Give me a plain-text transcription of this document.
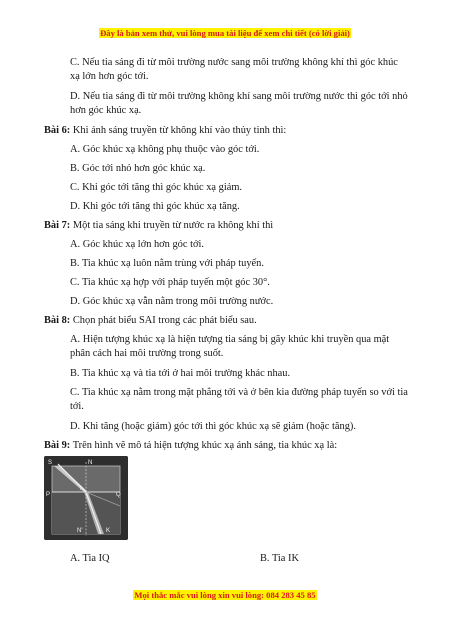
Đây là bản xem thử, vui lòng mua tài liệu để xem chi tiết (có lời giải)
C. Nếu tia sáng đi từ môi trường nước sang môi trường không khí thì góc khúc xạ lớn hơn góc tới.
D. Nếu tia sáng đi từ môi trường không khí sang môi trường nước thì góc tới nhỏ hơn góc khúc xạ.
Bài 6: Khi ánh sáng truyền từ không khí vào thủy tinh thì:
A. Góc khúc xạ không phụ thuộc vào góc tới.
B. Góc tới nhỏ hơn góc khúc xạ.
C. Khi góc tới tăng thì góc khúc xạ giảm.
D. Khi góc tới tăng thì góc khúc xạ tăng.
Bài 7: Một tia sáng khi truyền từ nước ra không khí thì
A. Góc khúc xạ lớn hơn góc tới.
B. Tia khúc xạ luôn nằm trùng với pháp tuyến.
C. Tia khúc xạ hợp với pháp tuyến một góc 30°.
D. Góc khúc xạ vẫn nằm trong môi trường nước.
Bài 8: Chọn phát biểu SAI trong các phát biểu sau.
A. Hiện tượng khúc xạ là hiện tượng tia sáng bị gãy khúc khi truyền qua mặt phân cách hai môi trường trong suốt.
B. Tia khúc xạ và tia tới ở hai môi trường khác nhau.
C. Tia khúc xạ nằm trong mặt phẳng tới và ở bên kia đường pháp tuyến so với tia tới.
D. Khi tăng (hoặc giảm) góc tới thì góc khúc xạ sẽ giảm (hoặc tăng).
Bài 9: Trên hình vẽ mô tả hiện tượng khúc xạ ánh sáng, tia khúc xạ là:
S	N
P
I
Q
N'	K
A. Tia IQ	B. Tia IK
Mọi thắc mắc vui lòng xin vui lòng: 084 283 45 85
